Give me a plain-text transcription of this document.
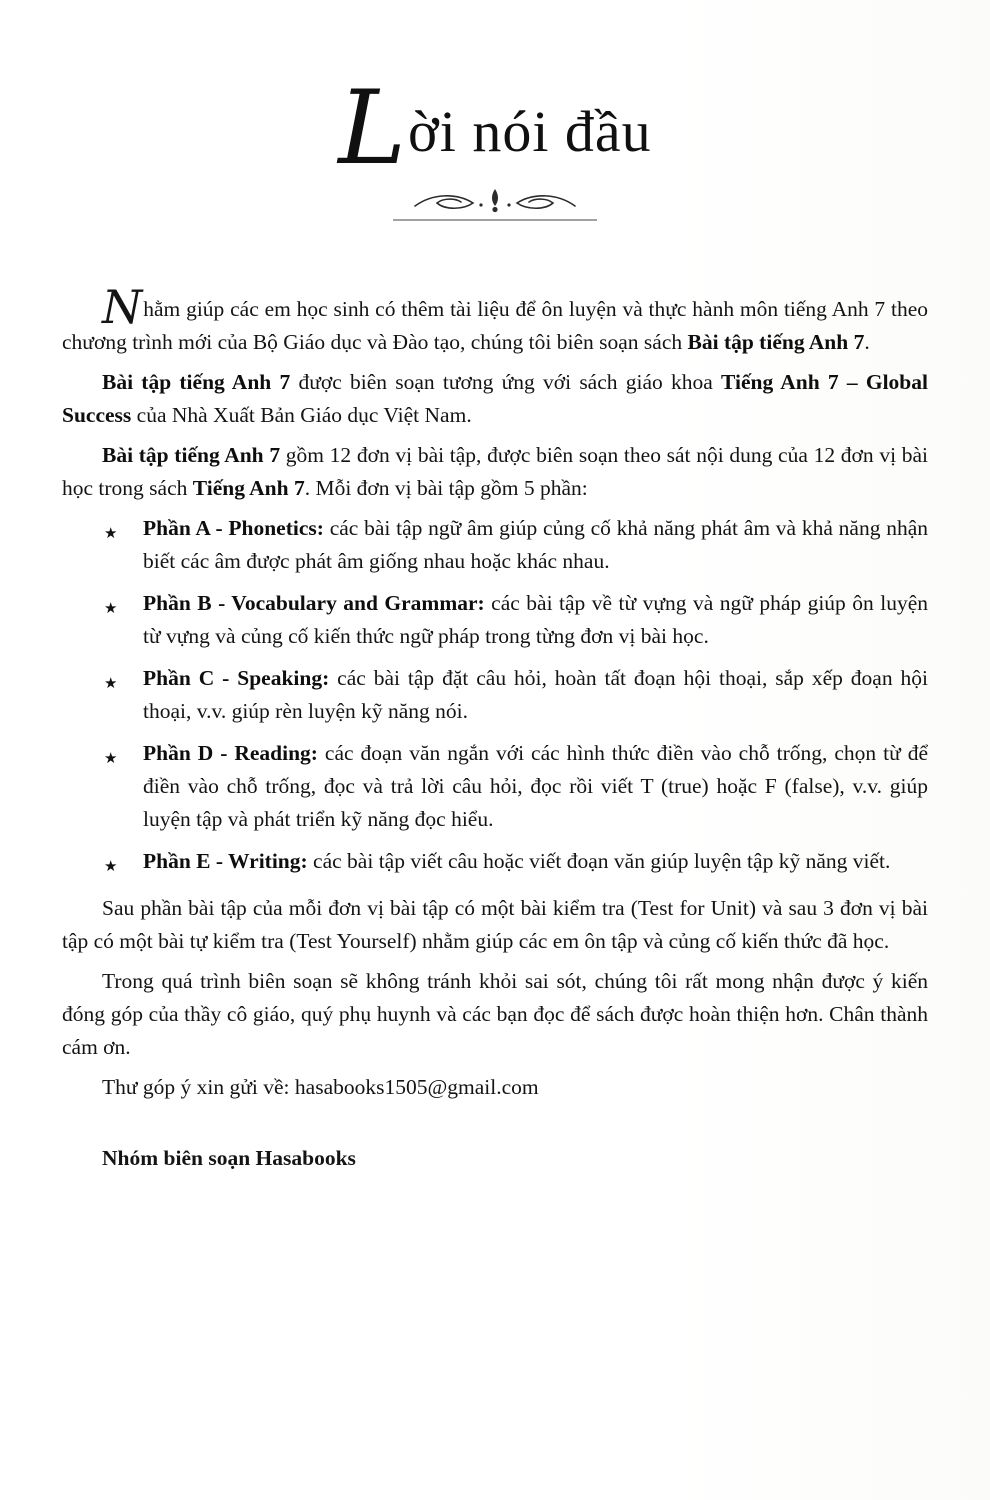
Lời nói đầu

Nhằm giúp các em học sinh có thêm tài liệu để ôn luyện và thực hành môn tiếng Anh 7 theo chương trình mới của Bộ Giáo dục và Đào tạo, chúng tôi biên soạn sách Bài tập tiếng Anh 7.

Bài tập tiếng Anh 7 được biên soạn tương ứng với sách giáo khoa Tiếng Anh 7 – Global Success của Nhà Xuất Bản Giáo dục Việt Nam.

Bài tập tiếng Anh 7 gồm 12 đơn vị bài tập, được biên soạn theo sát nội dung của 12 đơn vị bài học trong sách Tiếng Anh 7. Mỗi đơn vị bài tập gồm 5 phần:

★	Phần A - Phonetics: các bài tập ngữ âm giúp củng cố khả năng phát âm và khả năng nhận biết các âm được phát âm giống nhau hoặc khác nhau.
★	Phần B - Vocabulary and Grammar: các bài tập về từ vựng và ngữ pháp giúp ôn luyện từ vựng và củng cố kiến thức ngữ pháp trong từng đơn vị bài học.
★	Phần C - Speaking: các bài tập đặt câu hỏi, hoàn tất đoạn hội thoại, sắp xếp đoạn hội thoại, v.v. giúp rèn luyện kỹ năng nói.
★	Phần D - Reading: các đoạn văn ngắn với các hình thức điền vào chỗ trống, chọn từ để điền vào chỗ trống, đọc và trả lời câu hỏi, đọc rồi viết T (true) hoặc F (false), v.v. giúp luyện tập và phát triển kỹ năng đọc hiểu.
★	Phần E - Writing: các bài tập viết câu hoặc viết đoạn văn giúp luyện tập kỹ năng viết.

Sau phần bài tập của mỗi đơn vị bài tập có một bài kiểm tra (Test for Unit) và sau 3 đơn vị bài tập có một bài tự kiểm tra (Test Yourself) nhằm giúp các em ôn tập và củng cố kiến thức đã học.

Trong quá trình biên soạn sẽ không tránh khỏi sai sót, chúng tôi rất mong nhận được ý kiến đóng góp của thầy cô giáo, quý phụ huynh và các bạn đọc để sách được hoàn thiện hơn. Chân thành cám ơn.

Thư góp ý xin gửi về: hasabooks1505@gmail.com

Nhóm biên soạn Hasabooks
